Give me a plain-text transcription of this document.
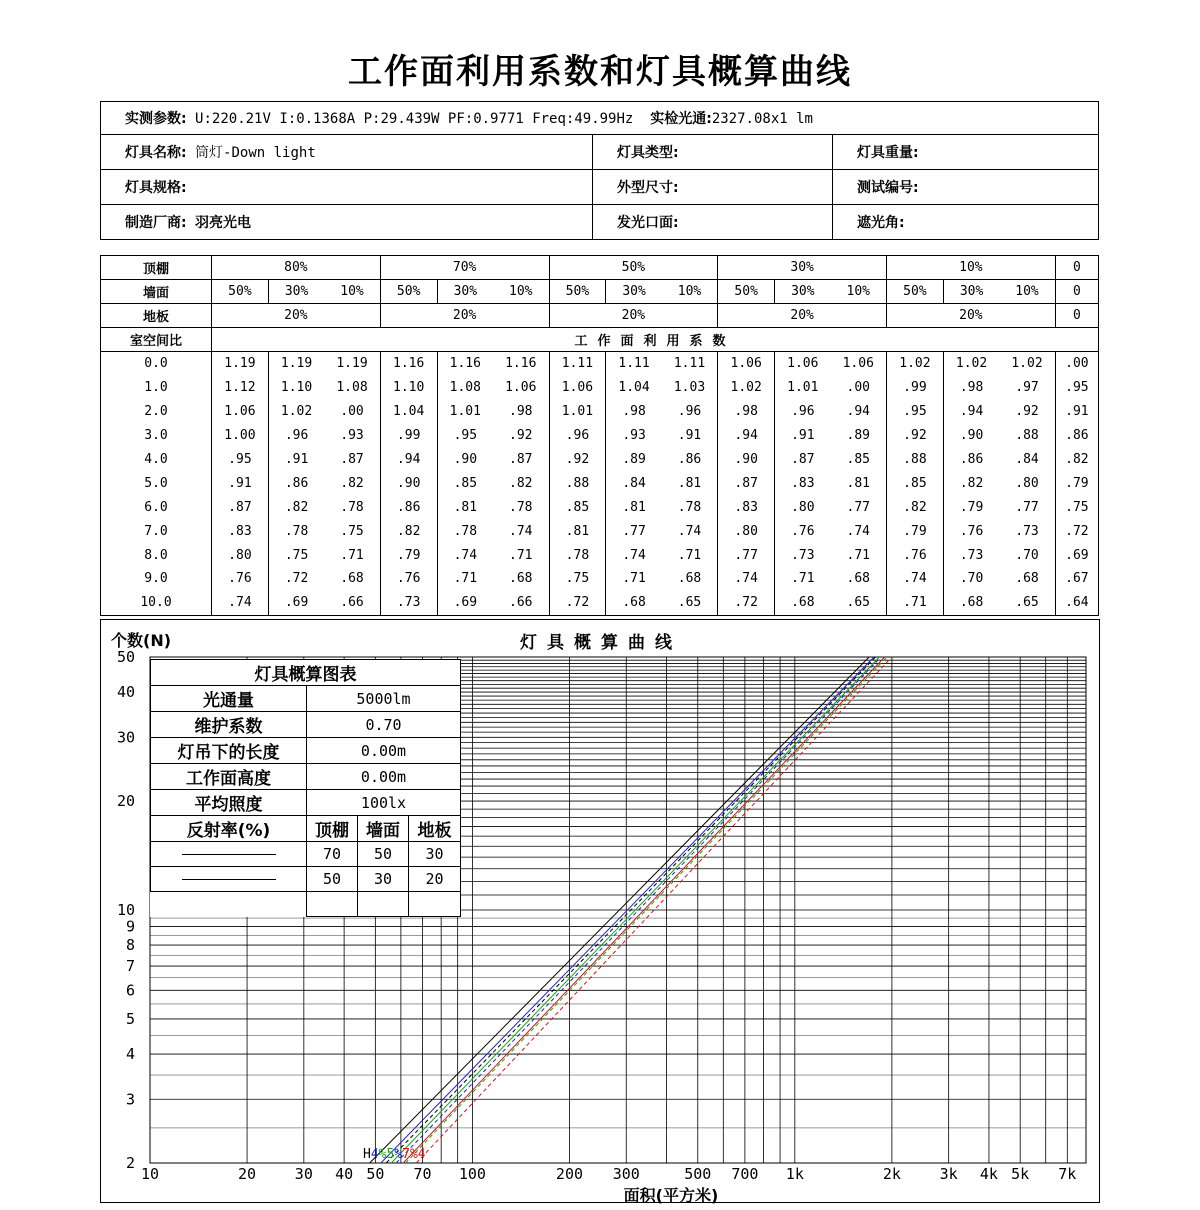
工作面利用系数和灯具概算曲线
实测参数: U:220.21V I:0.1368A P:29.439W PF:0.9771 Freq:49.99Hz 实检光通:2327.08x1 lm		
灯具名称: 筒灯-Down light	灯具类型:	灯具重量:
灯具规格:	外型尺寸:	测试编号:
制造厂商: 羽亮光电	发光口面:	遮光角:
顶棚	80%			70%			50%			30%			10%			0
墙面	50%	30%	10%	50%	30%	10%	50%	30%	10%	50%	30%	10%	50%	30%	10%	0
地板	20%			20%			20%			20%			20%			0
室空间比	工作面利用系数															
0.0	1.19	1.19	1.19	1.16	1.16	1.16	1.11	1.11	1.11	1.06	1.06	1.06	1.02	1.02	1.02	.00
1.0	1.12	1.10	1.08	1.10	1.08	1.06	1.06	1.04	1.03	1.02	1.01	.00	.99	.98	.97	.95
2.0	1.06	1.02	.00	1.04	1.01	.98	1.01	.98	.96	.98	.96	.94	.95	.94	.92	.91
3.0	1.00	.96	.93	.99	.95	.92	.96	.93	.91	.94	.91	.89	.92	.90	.88	.86
4.0	.95	.91	.87	.94	.90	.87	.92	.89	.86	.90	.87	.85	.88	.86	.84	.82
5.0	.91	.86	.82	.90	.85	.82	.88	.84	.81	.87	.83	.81	.85	.82	.80	.79
6.0	.87	.82	.78	.86	.81	.78	.85	.81	.78	.83	.80	.77	.82	.79	.77	.75
7.0	.83	.78	.75	.82	.78	.74	.81	.77	.74	.80	.76	.74	.79	.76	.73	.72
8.0	.80	.75	.71	.79	.74	.71	.78	.74	.71	.77	.73	.71	.76	.73	.70	.69
9.0	.76	.72	.68	.76	.71	.68	.75	.71	.68	.74	.71	.68	.74	.70	.68	.67
10.0	.74	.69	.66	.73	.69	.66	.72	.68	.65	.72	.68	.65	.71	.68	.65	.64
个数(N)	灯具概算曲线
面积(平方米)
10	20	30 40 50 70 100	200 300	500 700 1k	2k	3k 4k 5k 7k
2
3
4
5
6
7
8
9
10
20
30
40
50
H4%5%7%4
灯具概算图表			
光通量	5000lm		
维护系数	0.70		
灯吊下的长度	0.00m		
工作面高度	0.00m		
平均照度	100lx		
反射率(%)	顶棚	墙面	地板
	70	50	30
	50	30	20
